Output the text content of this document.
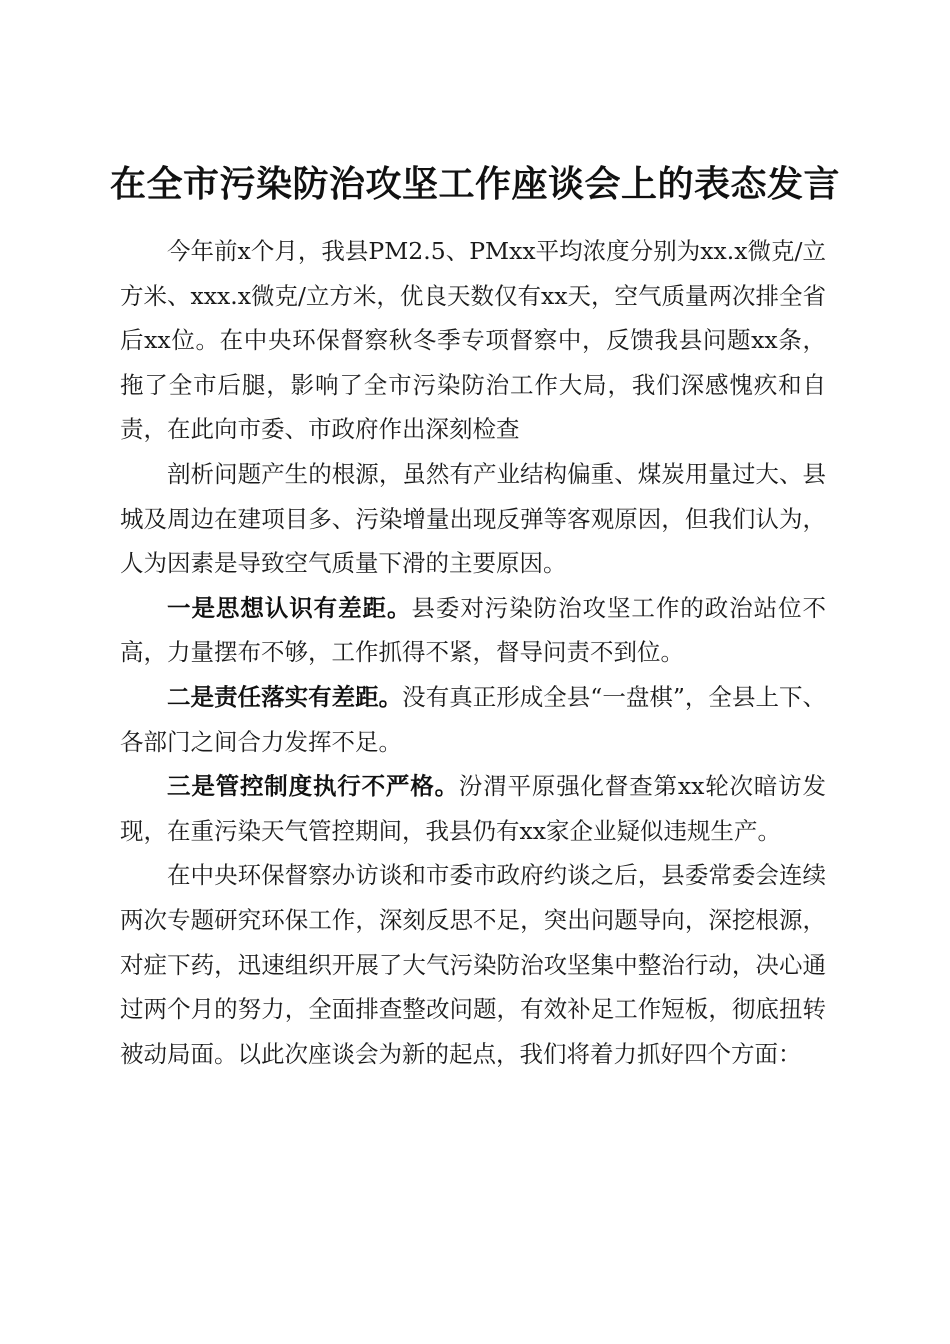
在全市污染防治攻坚工作座谈会上的表态发言

今年前x个月，我县PM2.5、PMxx平均浓度分别为xx.x微克/立方米、xxx.x微克/立方米，优良天数仅有xx天，空气质量两次排全省后xx位。在中央环保督察秋冬季专项督察中，反馈我县问题xx条，拖了全市后腿，影响了全市污染防治工作大局，我们深感愧疚和自责，在此向市委、市政府作出深刻检查

剖析问题产生的根源，虽然有产业结构偏重、煤炭用量过大、县城及周边在建项目多、污染增量出现反弹等客观原因，但我们认为，人为因素是导致空气质量下滑的主要原因。

一是思想认识有差距。县委对污染防治攻坚工作的政治站位不高，力量摆布不够，工作抓得不紧，督导问责不到位。

二是责任落实有差距。没有真正形成全县“一盘棋”，全县上下、各部门之间合力发挥不足。

三是管控制度执行不严格。汾渭平原强化督查第xx轮次暗访发现，在重污染天气管控期间，我县仍有xx家企业疑似违规生产。

在中央环保督察办访谈和市委市政府约谈之后，县委常委会连续两次专题研究环保工作，深刻反思不足，突出问题导向，深挖根源，对症下药，迅速组织开展了大气污染防治攻坚集中整治行动，决心通过两个月的努力，全面排查整改问题，有效补足工作短板，彻底扭转被动局面。以此次座谈会为新的起点，我们将着力抓好四个方面：
